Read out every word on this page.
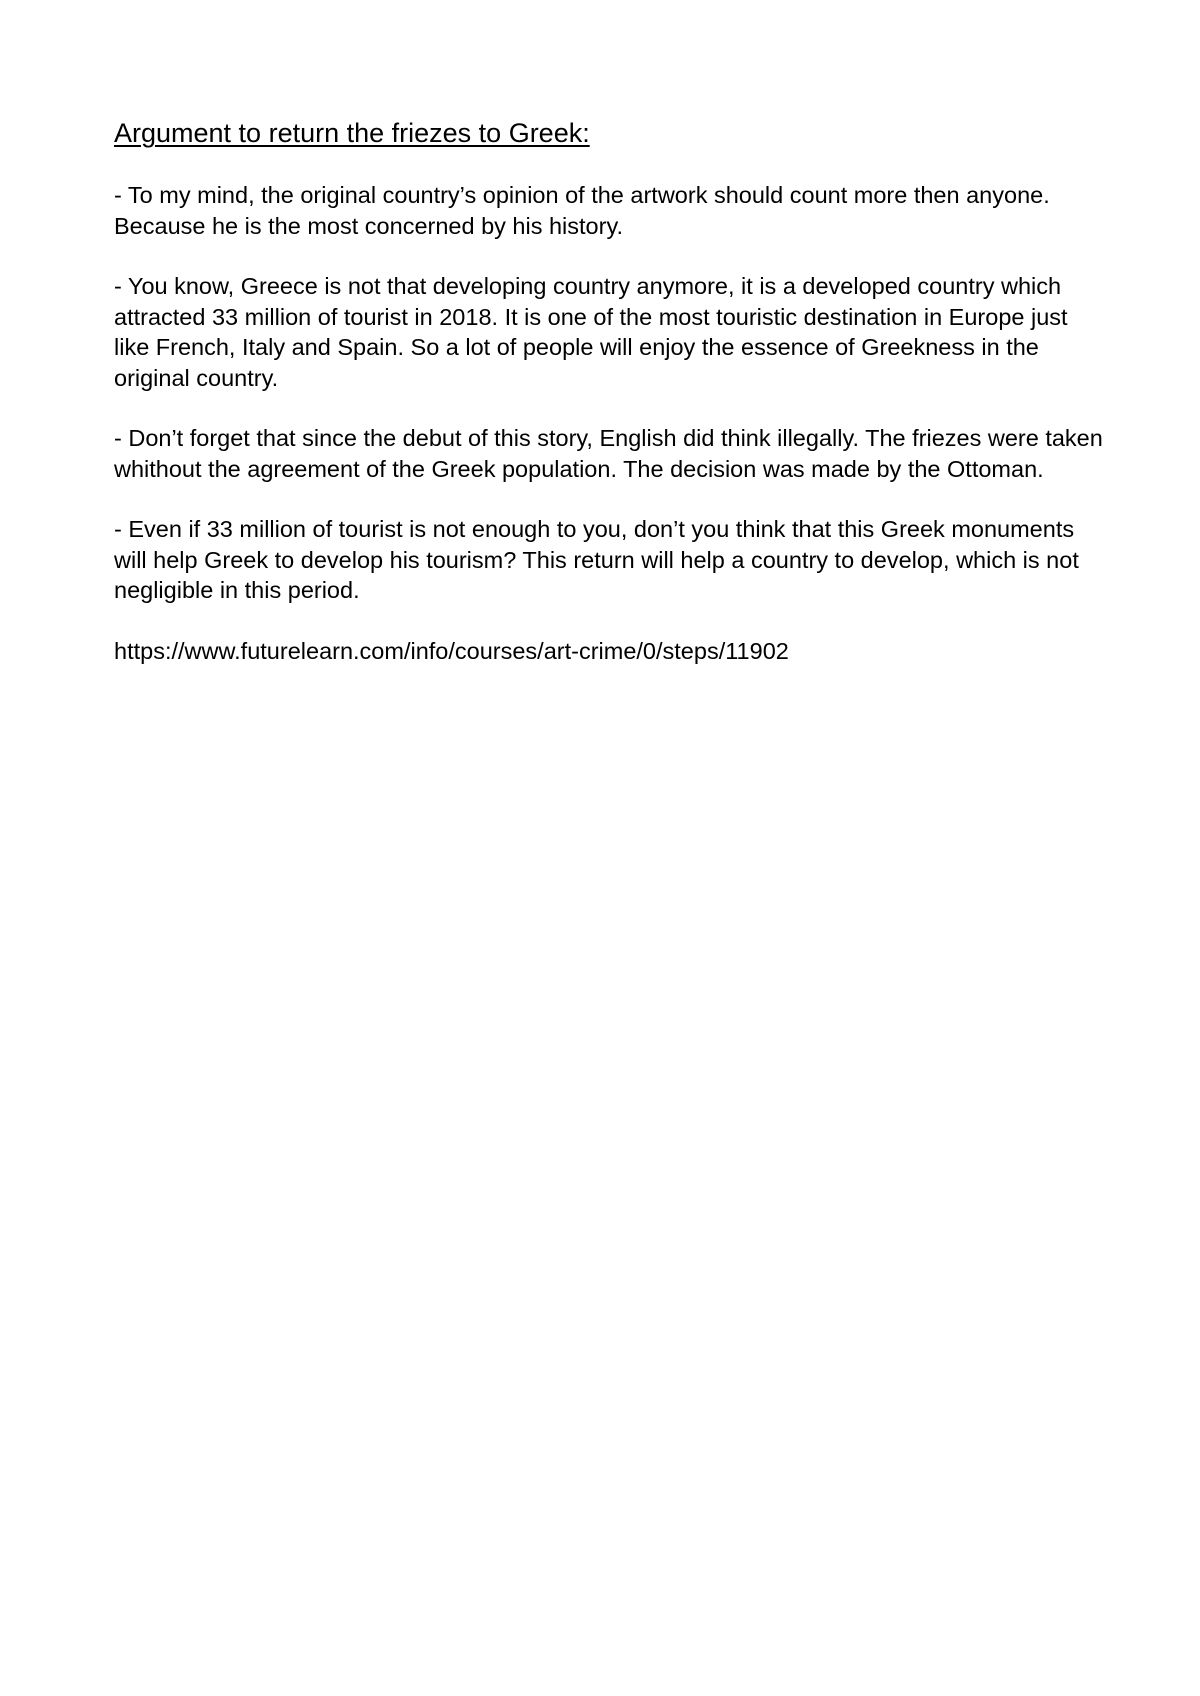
Argument to return the friezes to Greek:

- To my mind, the original country’s opinion of the artwork should count more then anyone. Because he is the most concerned by his history.

- You know, Greece is not that developing country anymore, it is a developed country which attracted 33 million of tourist in 2018. It is one of the most touristic destination in Europe just like French, Italy and Spain. So a lot of people will enjoy the essence of Greekness in the original country.

- Don’t forget that since the debut of this story, English did think illegally. The friezes were taken whithout the agreement of the Greek population. The decision was made by the Ottoman.

- Even if 33 million of tourist is not enough to you, don’t you think that this Greek monuments will help Greek to develop his tourism? This return will help a country to develop, which is not negligible in this period.

https://www.futurelearn.com/info/courses/art-crime/0/steps/11902
